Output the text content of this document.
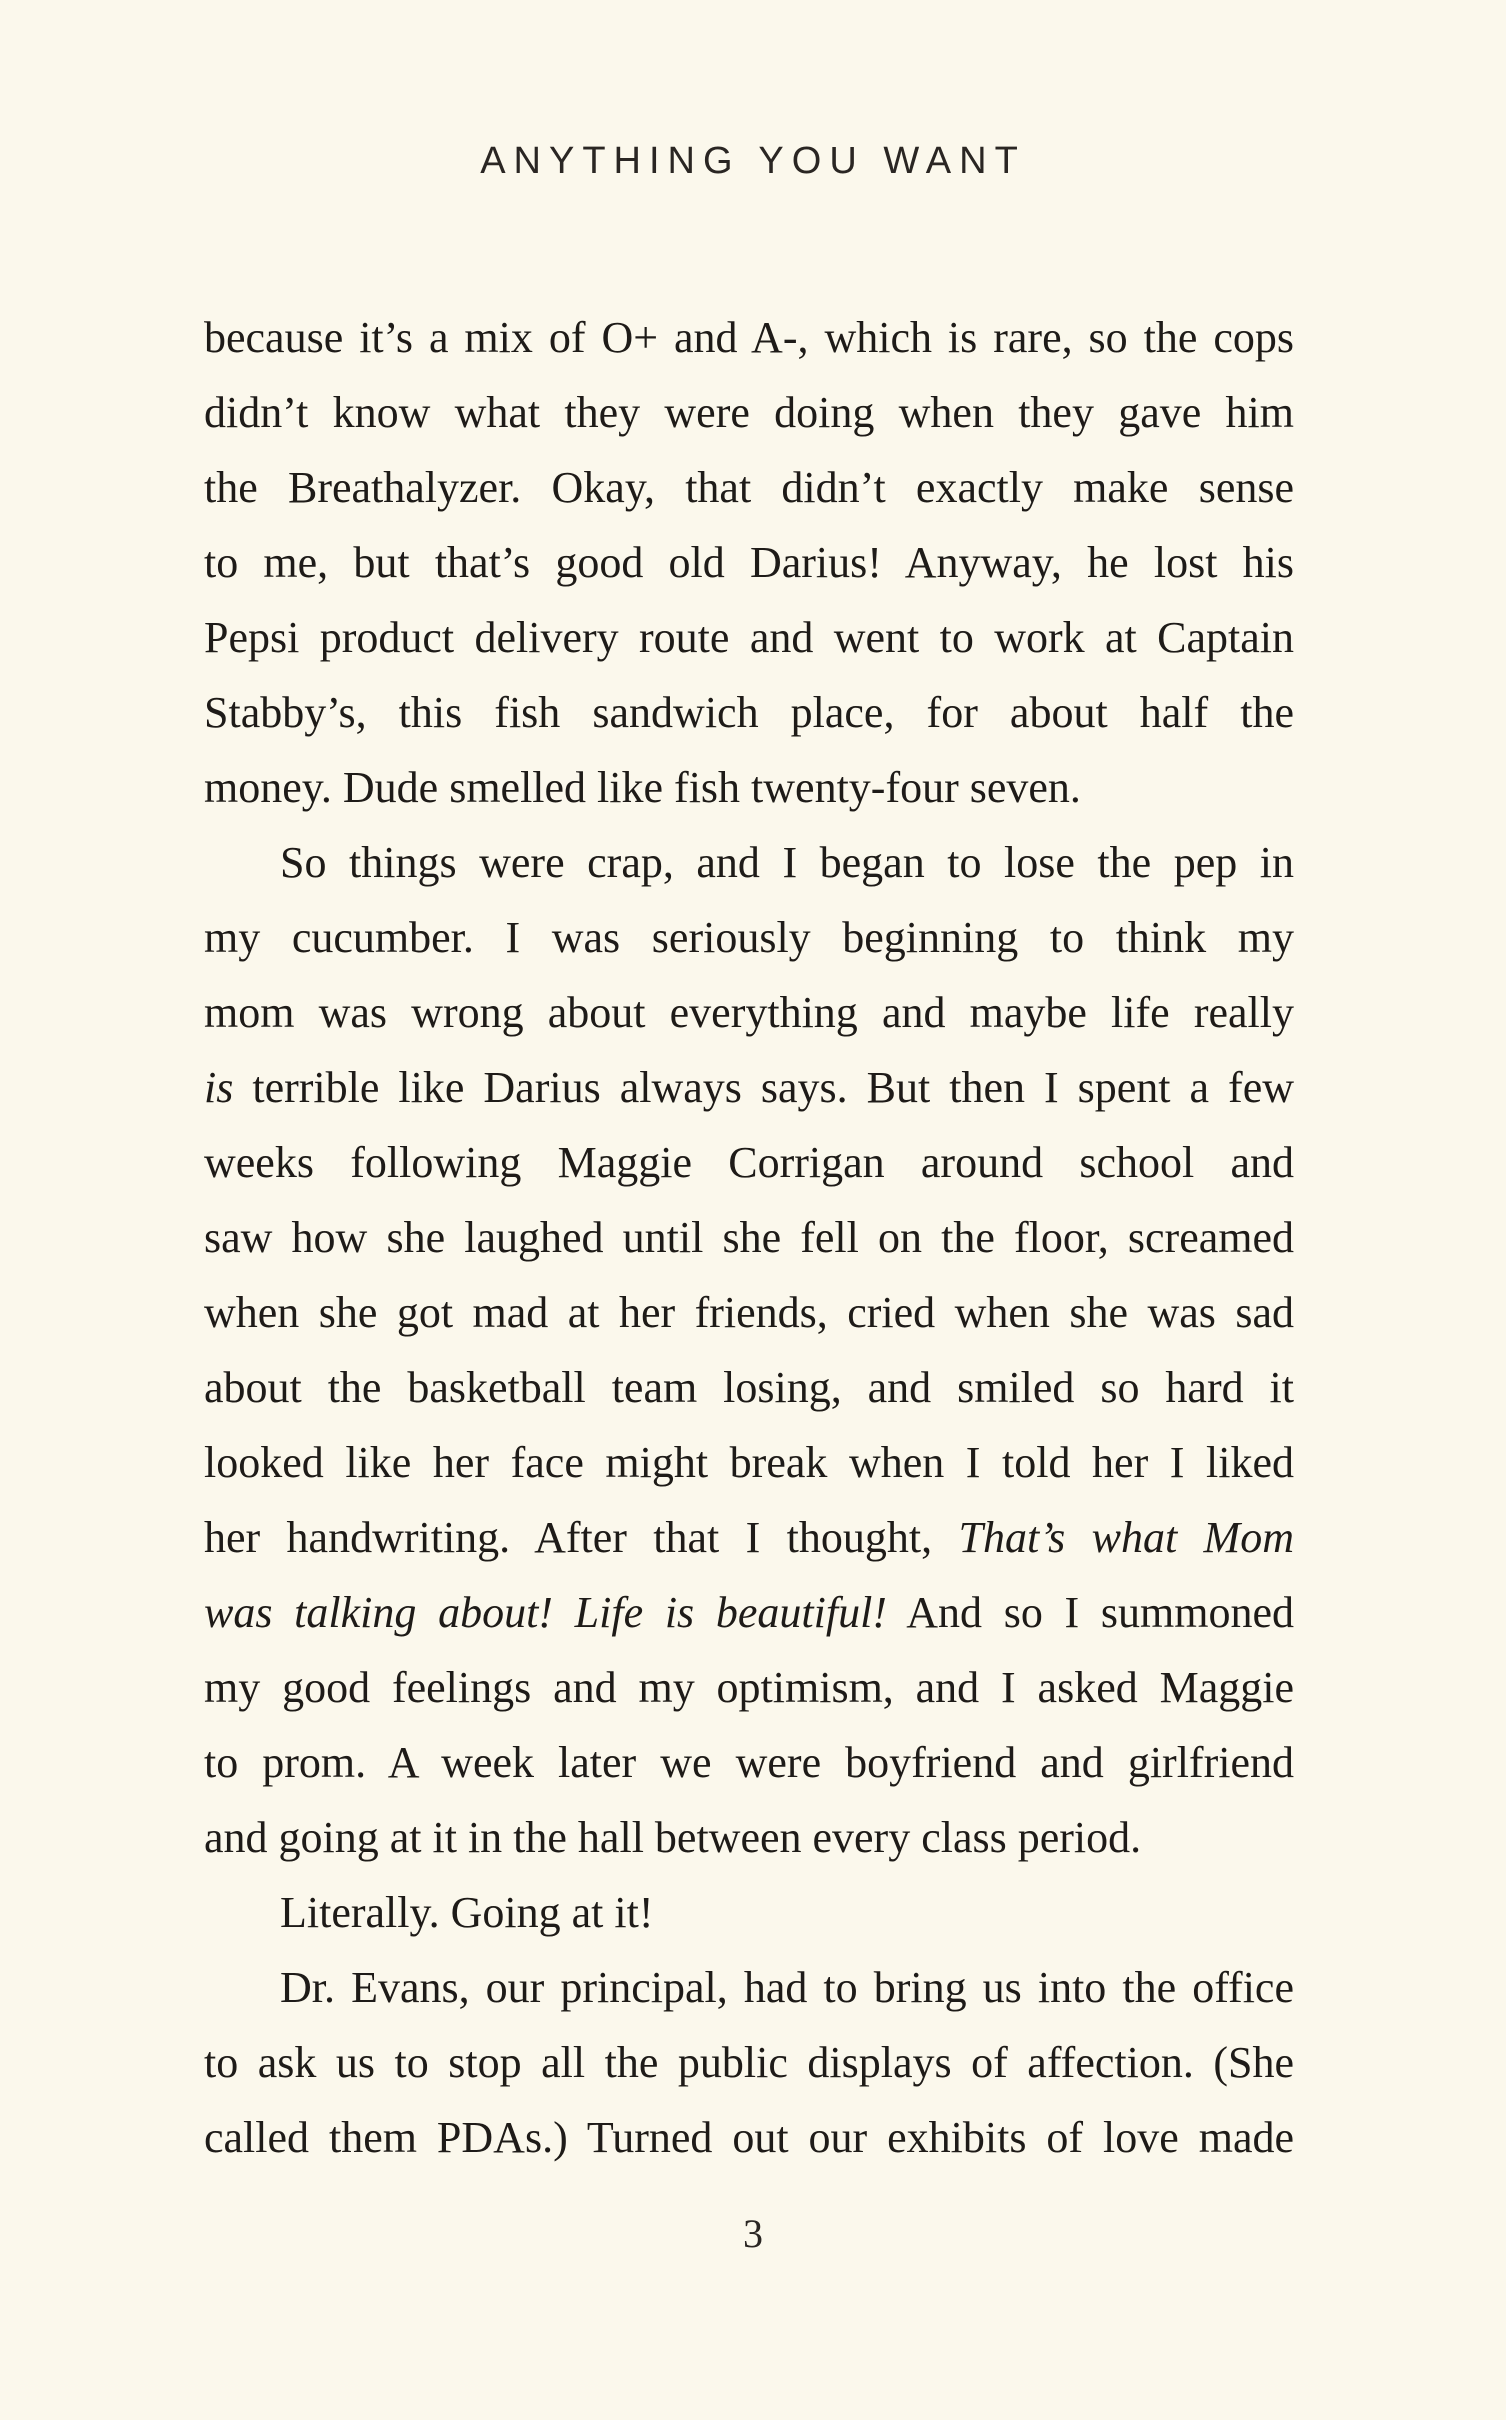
ANYTHING YOU WANT
because it’s a mix of O+ and A-, which is rare, so the cops
didn’t know what they were doing when they gave him
the Breathalyzer. Okay, that didn’t exactly make sense
to me, but that’s good old Darius! Anyway, he lost his
Pepsi product delivery route and went to work at Captain
Stabby’s, this fish sandwich place, for about half the
money. Dude smelled like fish twenty-four seven.
So things were crap, and I began to lose the pep in
my cucumber. I was seriously beginning to think my
mom was wrong about everything and maybe life really
is terrible like Darius always says. But then I spent a few
weeks following Maggie Corrigan around school and
saw how she laughed until she fell on the floor, screamed
when she got mad at her friends, cried when she was sad
about the basketball team losing, and smiled so hard it
looked like her face might break when I told her I liked
her handwriting. After that I thought, That’s what Mom
was talking about! Life is beautiful! And so I summoned
my good feelings and my optimism, and I asked Maggie
to prom. A week later we were boyfriend and girlfriend
and going at it in the hall between every class period.
Literally. Going at it!
Dr. Evans, our principal, had to bring us into the office
to ask us to stop all the public displays of affection. (She
called them PDAs.) Turned out our exhibits of love made
3
